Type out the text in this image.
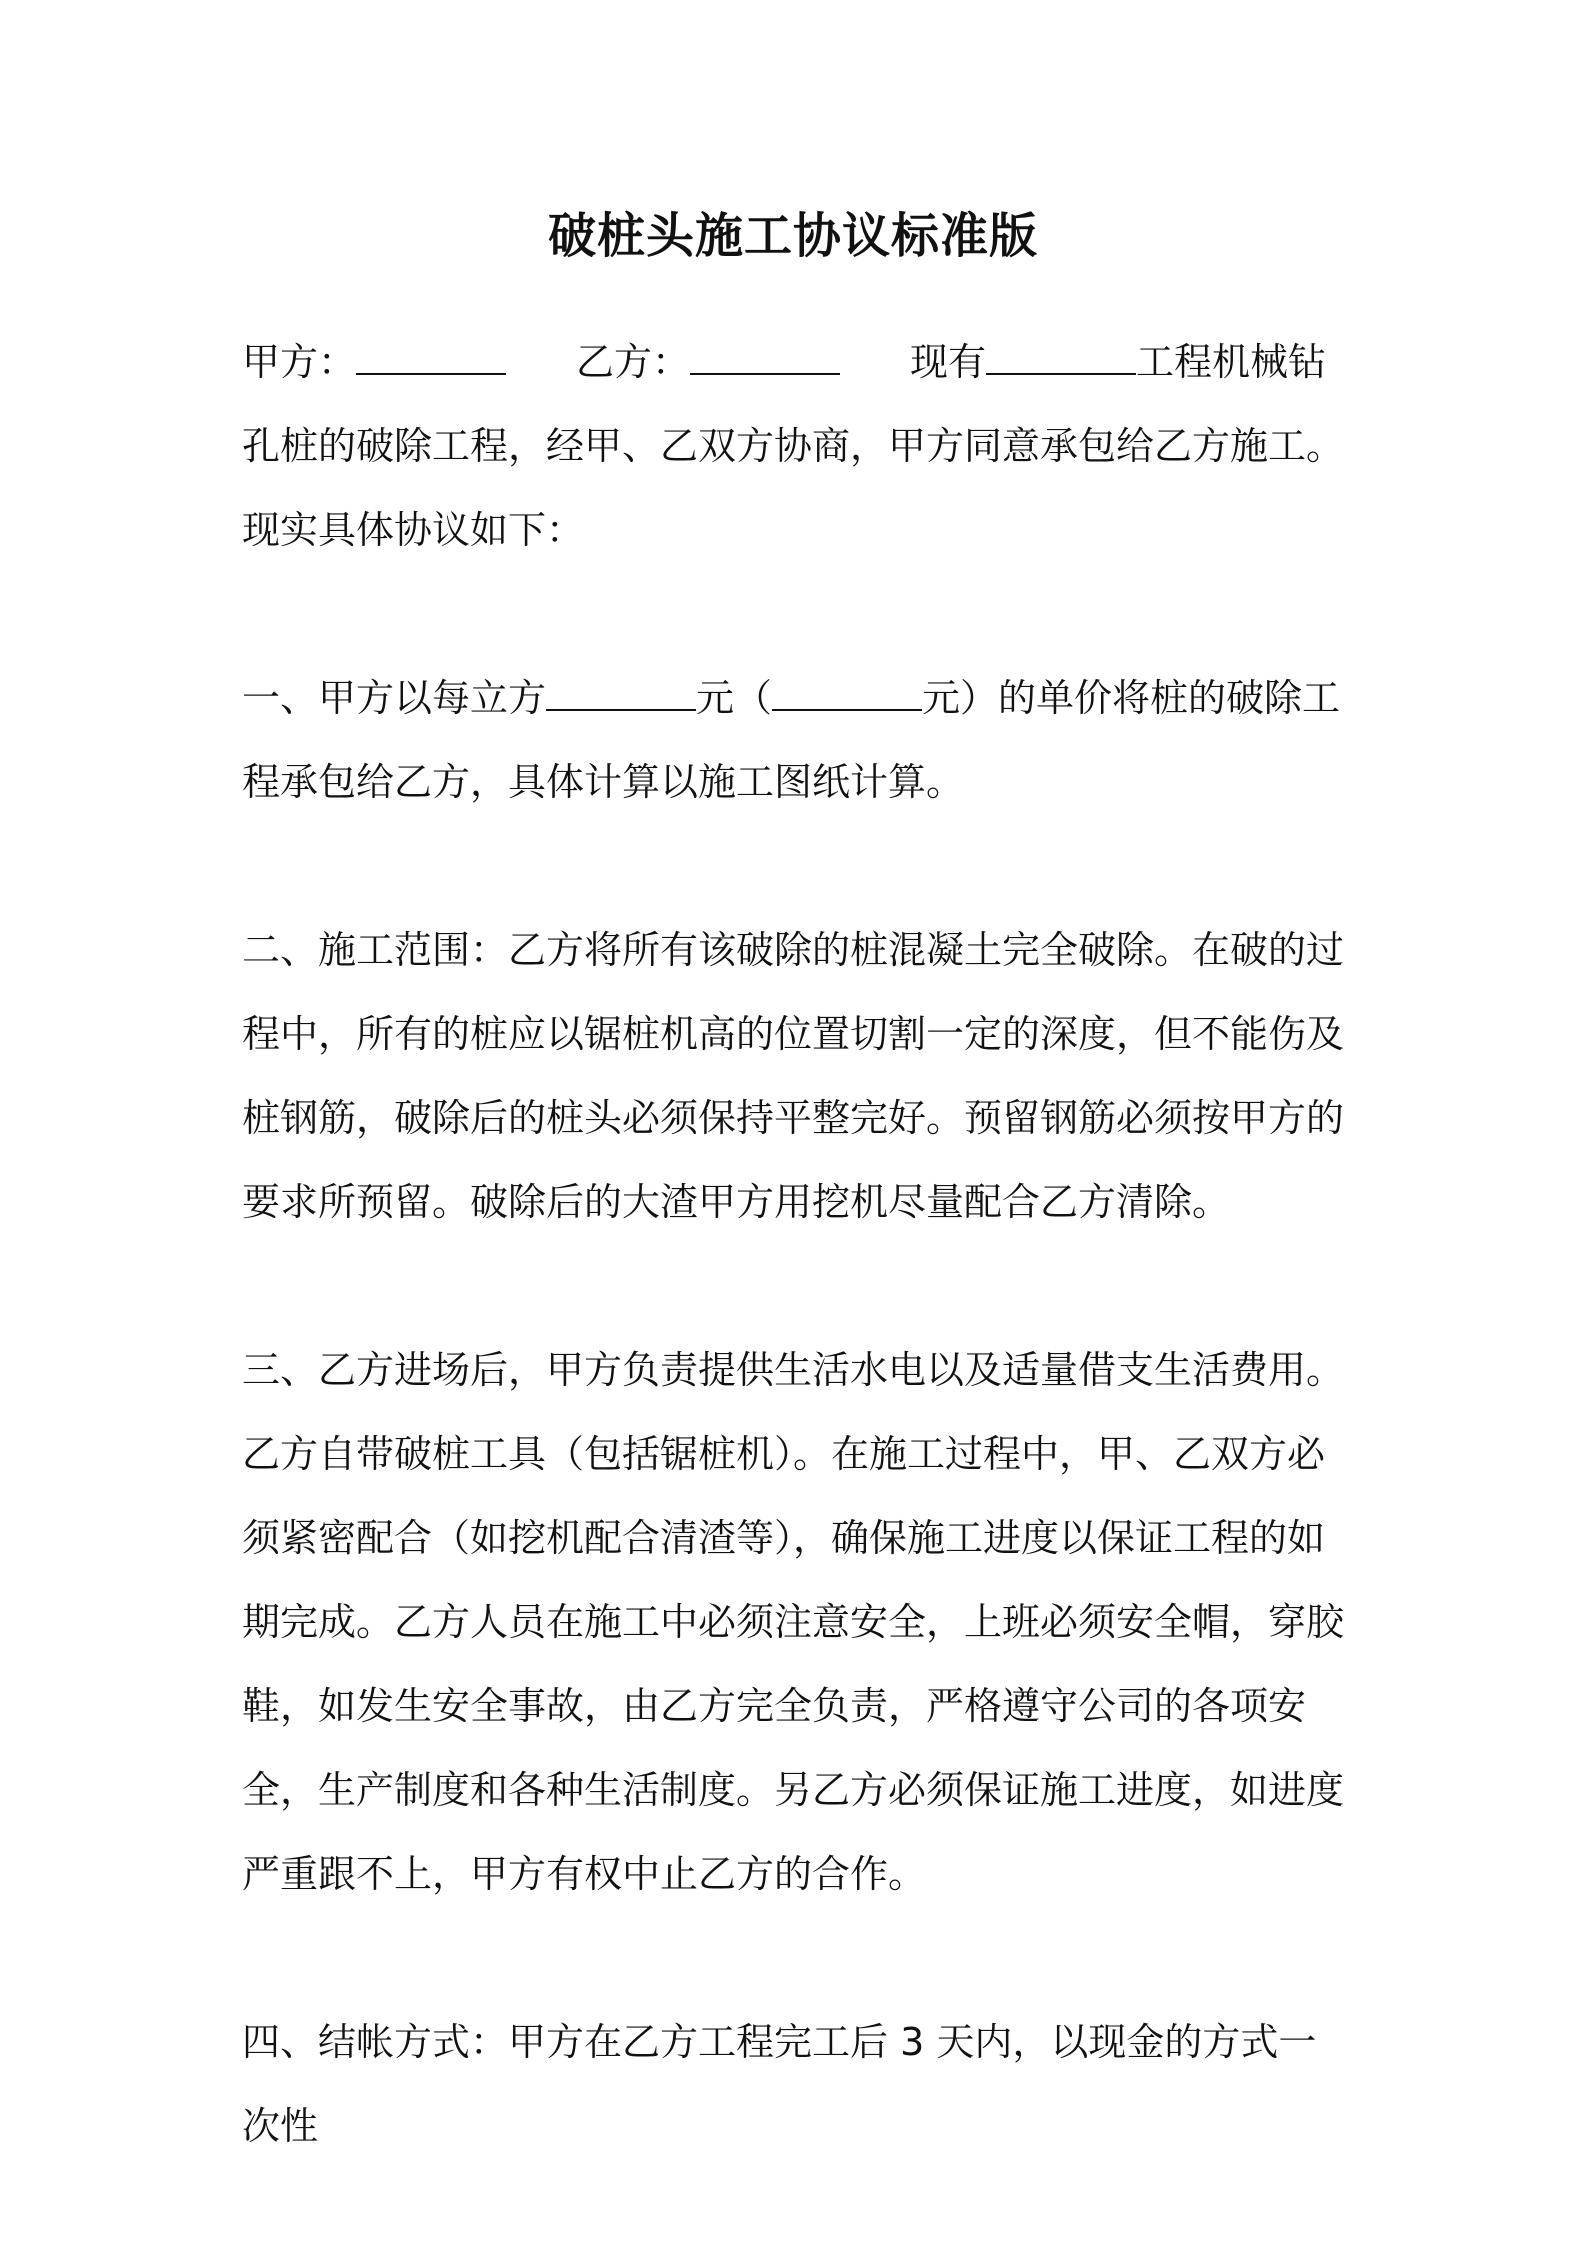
破桩头施工协议标准版

甲方：	乙方：	现有	工程机械钻孔桩的破除工程，经甲、乙双方协商，甲方同意承包给乙方施工。现实具体协议如下：

一、甲方以每立方	元（	元）的单价将桩的破除工程承包给乙方，具体计算以施工图纸计算。

二、施工范围：乙方将所有该破除的桩混凝土完全破除。在破的过程中，所有的桩应以锯桩机高的位置切割一定的深度，但不能伤及桩钢筋，破除后的桩头必须保持平整完好。预留钢筋必须按甲方的要求所预留。破除后的大渣甲方用挖机尽量配合乙方清除。

三、乙方进场后，甲方负责提供生活水电以及适量借支生活费用。乙方自带破桩工具（包括锯桩机）。在施工过程中，甲、乙双方必须紧密配合（如挖机配合清渣等），确保施工进度以保证工程的如期完成。乙方人员在施工中必须注意安全，上班必须安全帽，穿胶鞋，如发生安全事故，由乙方完全负责，严格遵守公司的各项安全，生产制度和各种生活制度。另乙方必须保证施工进度，如进度严重跟不上，甲方有权中止乙方的合作。

四、结帐方式：甲方在乙方工程完工后 3 天内，以现金的方式一次性
